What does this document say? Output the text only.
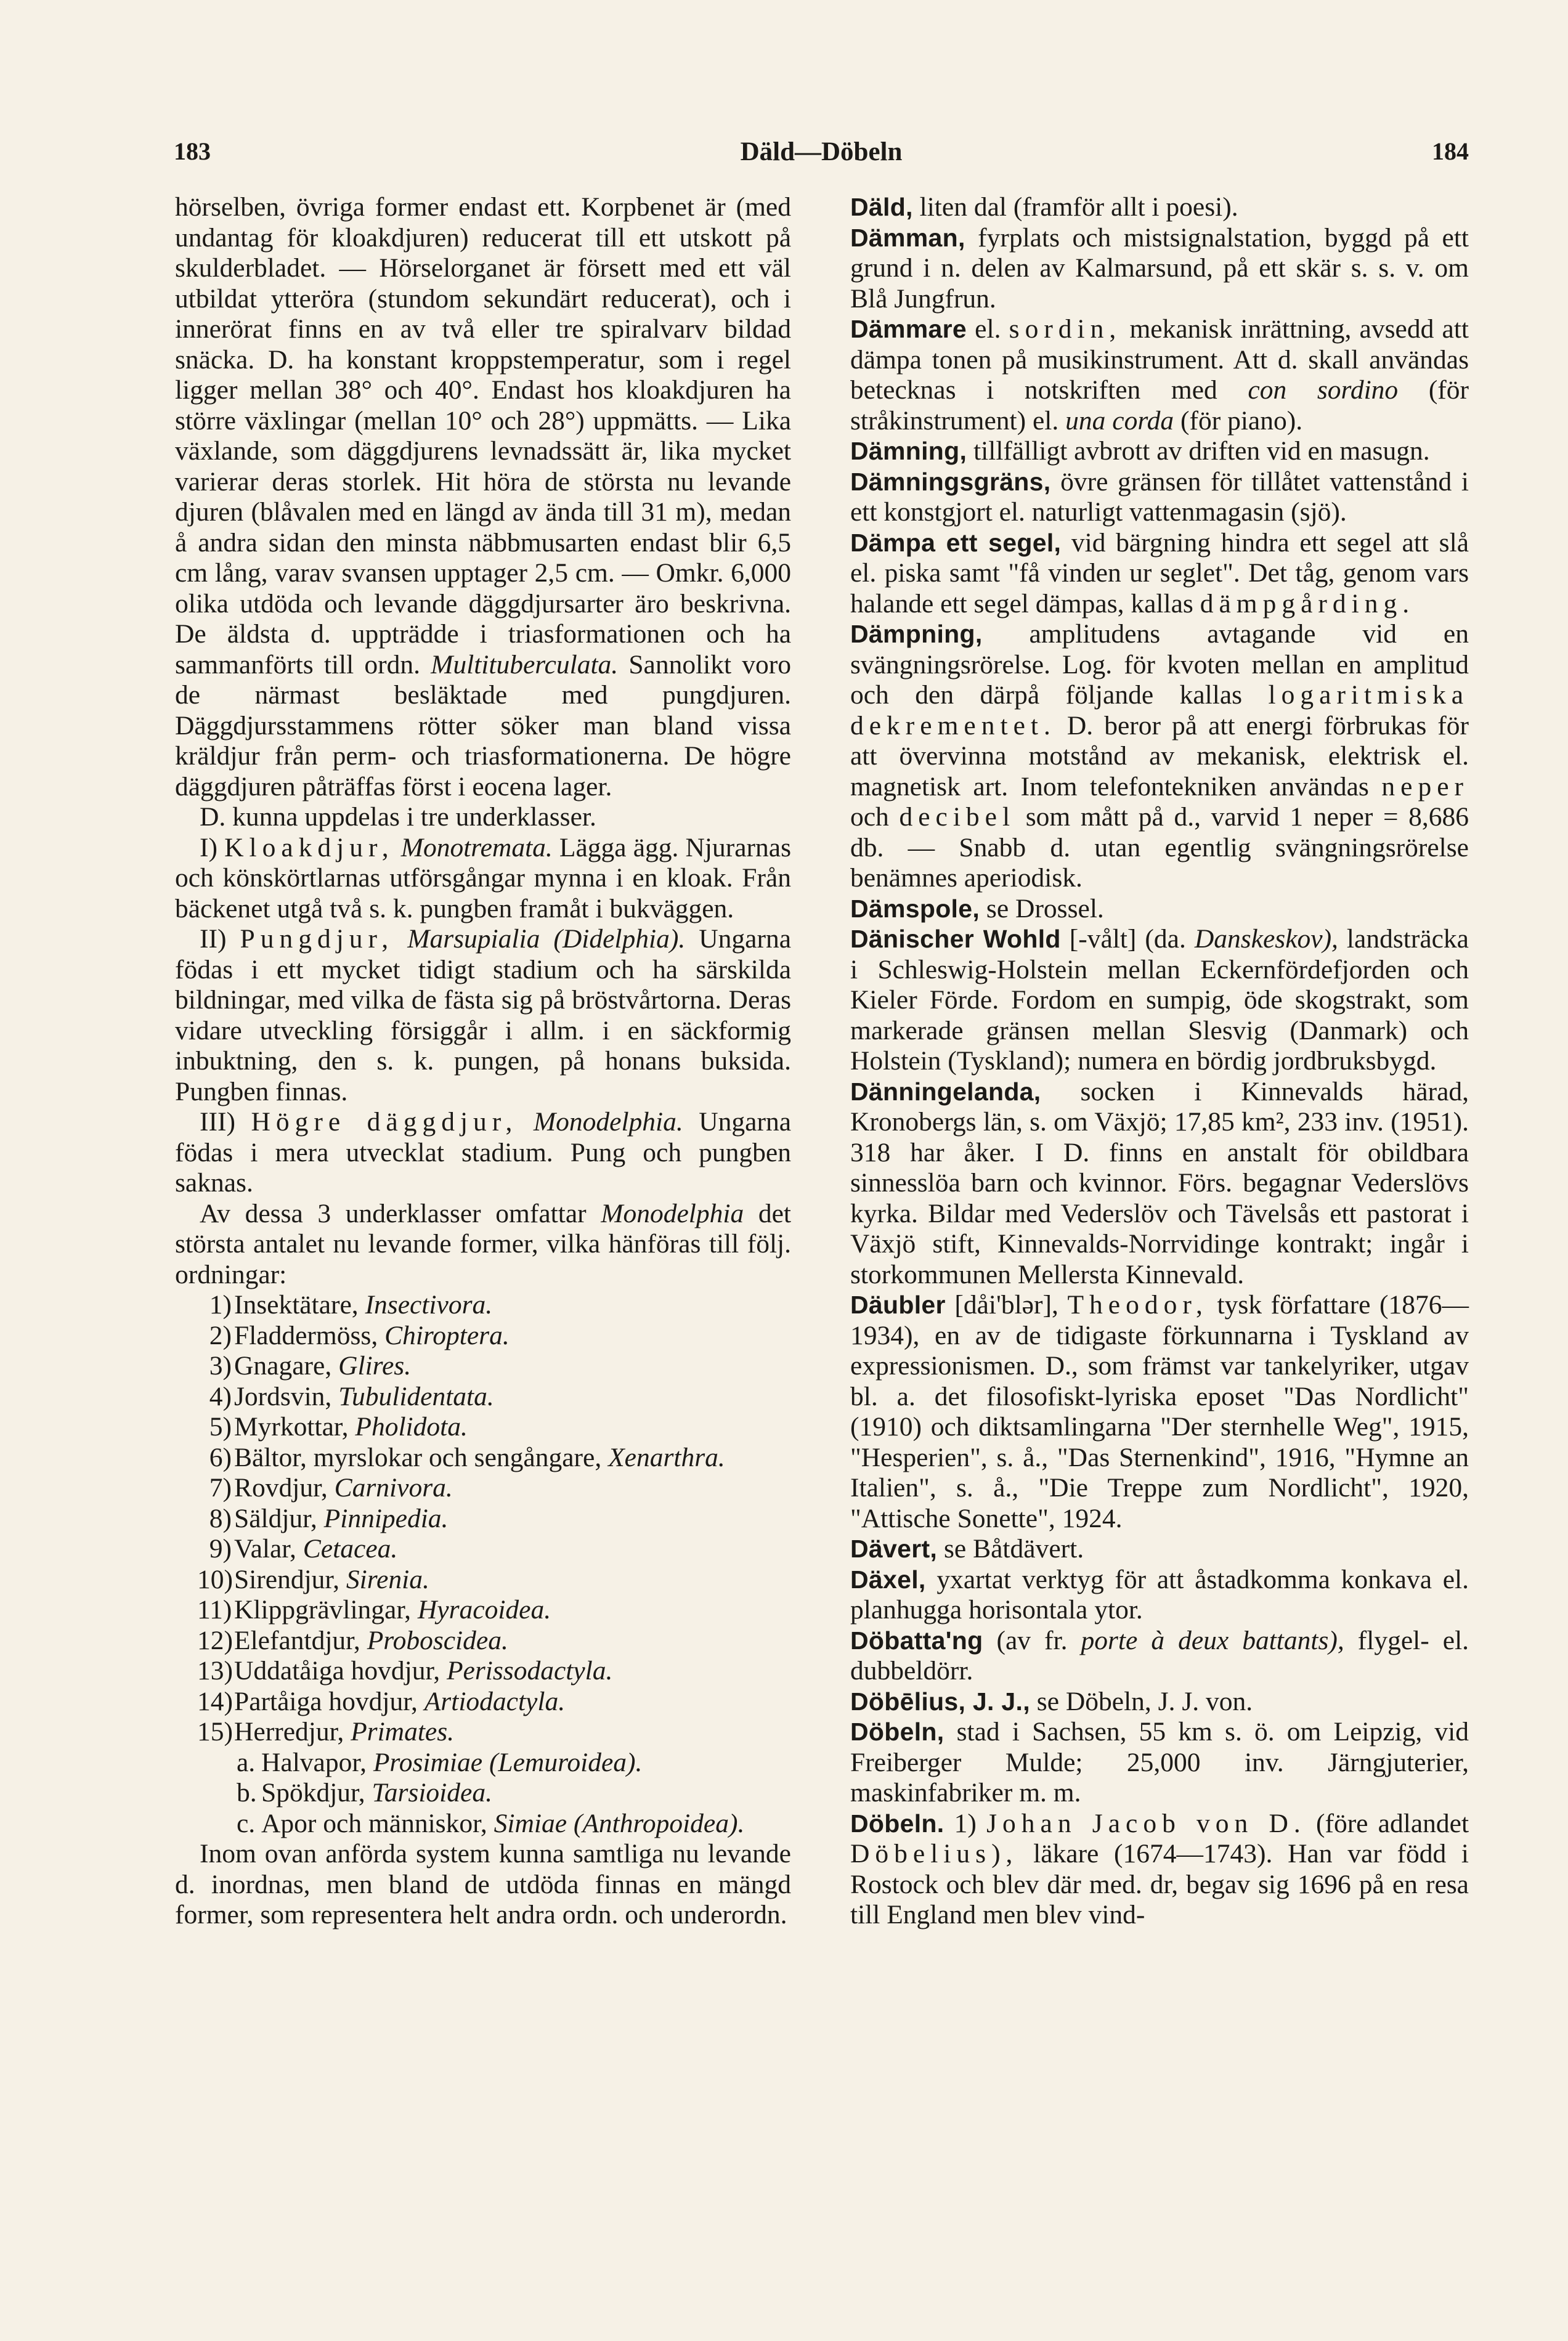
183	Däld—Döbeln	184

hörselben, övriga former endast ett. Korpbenet är (med undantag för kloakdjuren) reducerat till ett utskott på skulderbladet. — Hörselorganet är försett med ett väl utbildat ytteröra (stundom sekundärt reducerat), och i innerörat finns en av två eller tre spiralvarv bildad snäcka. D. ha konstant kroppstemperatur, som i regel ligger mellan 38° och 40°. Endast hos kloakdjuren ha större växlingar (mellan 10° och 28°) uppmätts. — Lika växlande, som däggdjurens levnadssätt är, lika mycket varierar deras storlek. Hit höra de största nu levande djuren (blåvalen med en längd av ända till 31 m), medan å andra sidan den minsta näbbmusarten endast blir 6,5 cm lång, varav svansen upptager 2,5 cm. — Omkr. 6,000 olika utdöda och levande däggdjursarter äro beskrivna. De äldsta d. uppträdde i triasformationen och ha sammanförts till ordn. Multituberculata. Sannolikt voro de närmast besläktade med pungdjuren. Däggdjursstammens rötter söker man bland vissa kräldjur från perm- och triasformationerna. De högre däggdjuren påträffas först i eocena lager.

D. kunna uppdelas i tre underklasser.

I) Kloakdjur, Monotremata. Lägga ägg. Njurarnas och könskörtlarnas utförsgångar mynna i en kloak. Från bäckenet utgå två s. k. pungben framåt i bukväggen.

II) Pungdjur, Marsupialia (Didelphia). Ungarna födas i ett mycket tidigt stadium och ha särskilda bildningar, med vilka de fästa sig på bröstvårtorna. Deras vidare utveckling försiggår i allm. i en säckformig inbuktning, den s. k. pungen, på honans buksida. Pungben finnas.

III) Högre däggdjur, Monodelphia. Ungarna födas i mera utvecklat stadium. Pung och pungben saknas.

Av dessa 3 underklasser omfattar Monodelphia det största antalet nu levande former, vilka hänföras till följ. ordningar:

1) Insektätare, Insectivora.
2) Fladdermöss, Chiroptera.
3) Gnagare, Glires.
4) Jordsvin, Tubulidentata.
5) Myrkottar, Pholidota.
6) Bältor, myrslokar och sengångare, Xenarthra.
7) Rovdjur, Carnivora.
8) Säldjur, Pinnipedia.
9) Valar, Cetacea.
10) Sirendjur, Sirenia.
11) Klippgrävlingar, Hyracoidea.
12) Elefantdjur, Proboscidea.
13) Uddatåiga hovdjur, Perissodactyla.
14) Partåiga hovdjur, Artiodactyla.
15) Herredjur, Primates.
a. Halvapor, Prosimiae (Lemuroidea).
b. Spökdjur, Tarsioidea.
c. Apor och människor, Simiae (Anthropoidea).

Inom ovan anförda system kunna samtliga nu levande d. inordnas, men bland de utdöda finnas en mängd former, som representera helt andra ordn. och underordn.

Däld, liten dal (framför allt i poesi).

Dämman, fyrplats och mistsignalstation, byggd på ett grund i n. delen av Kalmarsund, på ett skär s. s. v. om Blå Jungfrun.

Dämmare el. sordin, mekanisk inrättning, avsedd att dämpa tonen på musikinstrument. Att d. skall användas betecknas i notskriften med con sordino (för stråkinstrument) el. una corda (för piano).

Dämning, tillfälligt avbrott av driften vid en masugn.

Dämningsgräns, övre gränsen för tillåtet vattenstånd i ett konstgjort el. naturligt vattenmagasin (sjö).

Dämpa ett segel, vid bärgning hindra ett segel att slå el. piska samt "få vinden ur seglet". Det tåg, genom vars halande ett segel dämpas, kallas dämpgårding.

Dämpning, amplitudens avtagande vid en svängningsrörelse. Log. för kvoten mellan en amplitud och den därpå följande kallas logaritmiska dekrementet. D. beror på att energi förbrukas för att övervinna motstånd av mekanisk, elektrisk el. magnetisk art. Inom telefontekniken användas neper och decibel som mått på d., varvid 1 neper = 8,686 db. — Snabb d. utan egentlig svängningsrörelse benämnes aperiodisk.

Dämspole, se Drossel.

Dänischer Wohld [-vålt] (da. Danskeskov), landsträcka i Schleswig-Holstein mellan Eckernfördefjorden och Kieler Förde. Fordom en sumpig, öde skogstrakt, som markerade gränsen mellan Slesvig (Danmark) och Holstein (Tyskland); numera en bördig jordbruksbygd.

Dänningelanda, socken i Kinnevalds härad, Kronobergs län, s. om Växjö; 17,85 km², 233 inv. (1951). 318 har åker. I D. finns en anstalt för obildbara sinnesslöa barn och kvinnor. Förs. begagnar Vederslövs kyrka. Bildar med Vederslöv och Tävelsås ett pastorat i Växjö stift, Kinnevalds-Norrvidinge kontrakt; ingår i storkommunen Mellersta Kinnevald.

Däubler [dåi'blər], Theodor, tysk författare (1876—1934), en av de tidigaste förkunnarna i Tyskland av expressionismen. D., som främst var tankelyriker, utgav bl. a. det filosofiskt-lyriska eposet "Das Nordlicht" (1910) och diktsamlingarna "Der sternhelle Weg", 1915, "Hesperien", s. å., "Das Sternenkind", 1916, "Hymne an Italien", s. å., "Die Treppe zum Nordlicht", 1920, "Attische Sonette", 1924.

Dävert, se Båtdävert.

Däxel, yxartat verktyg för att åstadkomma konkava el. planhugga horisontala ytor.

Döbatta'ng (av fr. porte à deux battants), flygel- el. dubbeldörr.

Döbēlius, J. J., se Döbeln, J. J. von.

Döbeln, stad i Sachsen, 55 km s. ö. om Leipzig, vid Freiberger Mulde; 25,000 inv. Järngjuterier, maskinfabriker m. m.

Döbeln. 1) Johan Jacob von D. (före adlandet Döbelius), läkare (1674—1743). Han var född i Rostock och blev där med. dr, begav sig 1696 på en resa till England men blev vind-
